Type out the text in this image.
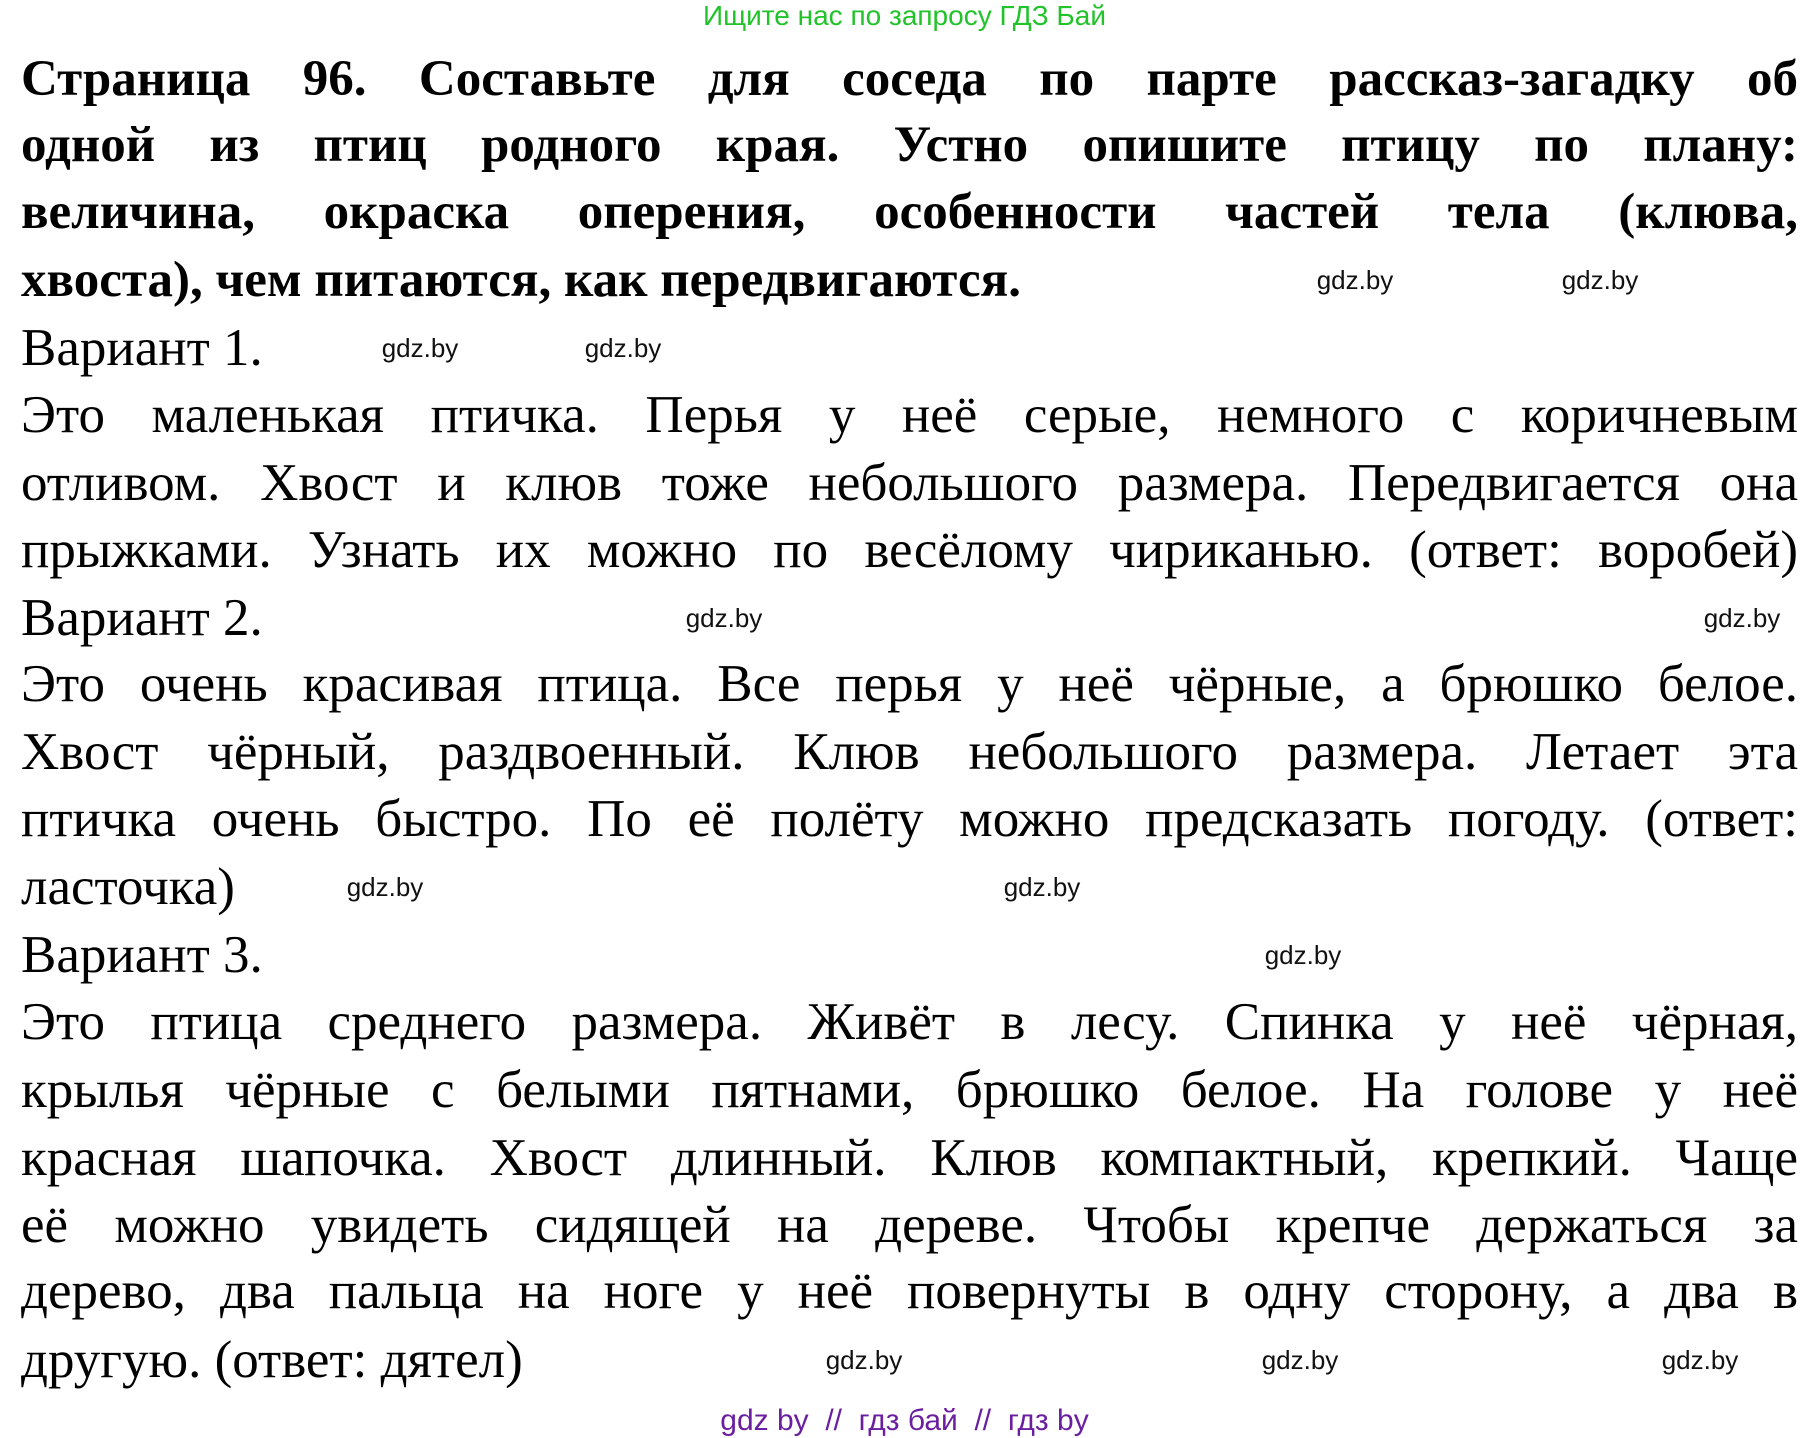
Ищите нас по запросу ГДЗ Бай
Страница 96. Составьте для соседа по парте рассказ-загадку об
одной из птиц родного края. Устно опишите птицу по плану:
величина, окраска оперения, особенности частей тела (клюва,
хвоста), чем питаются, как передвигаются.
Вариант 1.
Это маленькая птичка. Перья у неё серые, немного с коричневым
отливом. Хвост и клюв тоже небольшого размера. Передвигается она
прыжками. Узнать их можно по весёлому чириканью. (ответ: воробей)
Вариант 2.
Это очень красивая птица. Все перья у неё чёрные, а брюшко белое.
Хвост чёрный, раздвоенный. Клюв небольшого размера. Летает эта
птичка очень быстро. По её полёту можно предсказать погоду. (ответ:
ласточка)
Вариант 3.
Это птица среднего размера. Живёт в лесу. Спинка у неё чёрная,
крылья чёрные с белыми пятнами, брюшко белое. На голове у неё
красная шапочка. Хвост длинный. Клюв компактный, крепкий. Чаще
её можно увидеть сидящей на дереве. Чтобы крепче держаться за
дерево, два пальца на ноге у неё повернуты в одну сторону, а два в
другую. (ответ: дятел)
gdz.by	gdz.by
gdz.by	gdz.by
gdz.by	gdz.by
gdz.by	gdz.by
gdz.by
gdz.by	gdz.by	gdz.by
gdz by  //  гдз бай  //  гдз by
